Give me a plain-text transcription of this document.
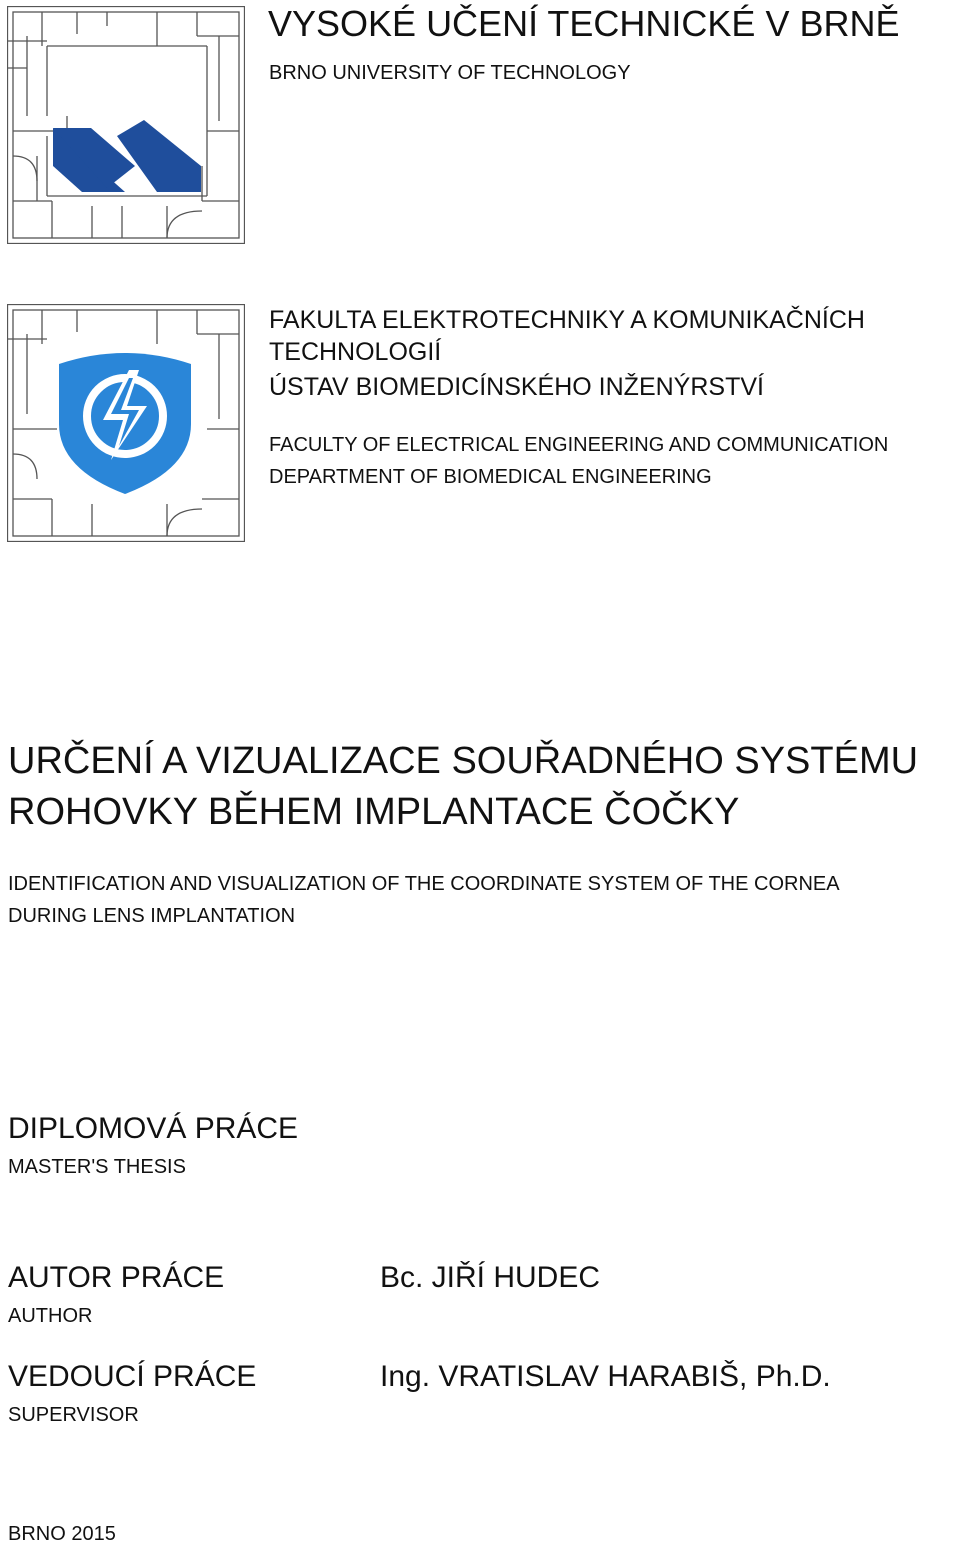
VYSOKÉ UČENÍ TECHNICKÉ V BRNĚ
BRNO UNIVERSITY OF TECHNOLOGY
FAKULTA ELEKTROTECHNIKY A KOMUNIKAČNÍCH
TECHNOLOGIÍ
ÚSTAV BIOMEDICÍNSKÉHO INŽENÝRSTVÍ
FACULTY OF ELECTRICAL ENGINEERING AND COMMUNICATION
DEPARTMENT OF BIOMEDICAL ENGINEERING
URČENÍ A VIZUALIZACE SOUŘADNÉHO SYSTÉMU
ROHOVKY BĚHEM IMPLANTACE ČOČKY
IDENTIFICATION AND VISUALIZATION OF THE COORDINATE SYSTEM OF THE CORNEA
DURING LENS IMPLANTATION
DIPLOMOVÁ PRÁCE
MASTER'S THESIS
AUTOR PRÁCE
AUTHOR
Bc. JIŘÍ HUDEC
VEDOUCÍ PRÁCE
SUPERVISOR
Ing. VRATISLAV HARABIŠ, Ph.D.
BRNO 2015
